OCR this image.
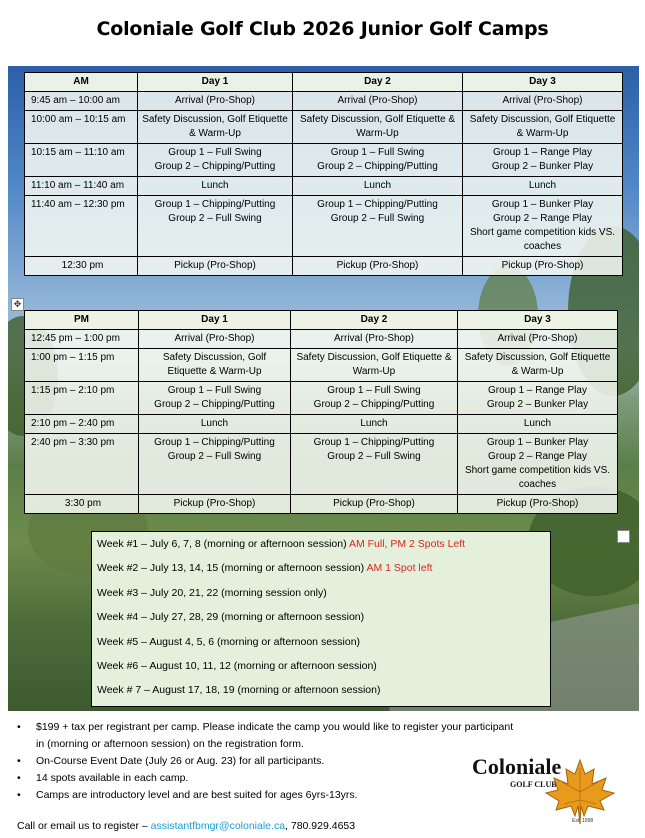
Coloniale Golf Club 2026 Junior Golf Camps
AM	Day 1	Day 2	Day 3
9:45 am – 10:00 am	Arrival (Pro-Shop)	Arrival (Pro-Shop)	Arrival (Pro-Shop)
10:00 am – 10:15 am	Safety Discussion, Golf Etiquette & Warm-Up	Safety Discussion, Golf Etiquette & Warm-Up	Safety Discussion, Golf Etiquette & Warm-Up
10:15 am – 11:10 am	Group 1 – Full Swing
Group 2 – Chipping/Putting	Group 1 – Full Swing
Group 2 – Chipping/Putting	Group 1 – Range Play
Group 2 – Bunker Play
11:10 am – 11:40 am	Lunch	Lunch	Lunch
11:40 am – 12:30 pm	Group 1 – Chipping/Putting
Group 2 – Full Swing	Group 1 – Chipping/Putting
Group 2 – Full Swing	Group 1 – Bunker Play
Group 2 – Range Play
Short game competition kids VS. coaches
12:30 pm	Pickup (Pro-Shop)	Pickup (Pro-Shop)	Pickup (Pro-Shop)
✥
PM	Day 1	Day 2	Day 3
12:45 pm – 1:00 pm	Arrival (Pro-Shop)	Arrival (Pro-Shop)	Arrival (Pro-Shop)
1:00 pm – 1:15 pm	Safety Discussion, Golf Etiquette & Warm-Up	Safety Discussion, Golf Etiquette & Warm-Up	Safety Discussion, Golf Etiquette & Warm-Up
1:15 pm – 2:10 pm	Group 1 – Full Swing
Group 2 – Chipping/Putting	Group 1 – Full Swing
Group 2 – Chipping/Putting	Group 1 – Range Play
Group 2 – Bunker Play
2:10 pm – 2:40 pm	Lunch	Lunch	Lunch
2:40 pm – 3:30 pm	Group 1 – Chipping/Putting
Group 2 – Full Swing	Group 1 – Chipping/Putting
Group 2 – Full Swing	Group 1 – Bunker Play
Group 2 – Range Play
Short game competition kids VS. coaches
3:30 pm	Pickup (Pro-Shop)	Pickup (Pro-Shop)	Pickup (Pro-Shop)
Week #1 – July 6, 7, 8 (morning or afternoon session) AM Full, PM 2 Spots Left
Week #2 – July 13, 14, 15 (morning or afternoon session) AM 1 Spot left
Week #3 – July 20, 21, 22 (morning session only)
Week #4 – July 27, 28, 29 (morning or afternoon session)
Week #5 – August 4, 5, 6 (morning or afternoon session)
Week #6 – August 10, 11, 12 (morning or afternoon session)
Week # 7 – August 17, 18, 19 (morning or afternoon session)
• $199 + tax per registrant per camp. Please indicate the camp you would like to register your participant in (morning or afternoon session) on the registration form.
• On-Course Event Date (July 26 or Aug. 23) for all participants.
• 14 spots available in each camp.
• Camps are introductory level and are best suited for ages 6yrs-13yrs.
Call or email us to register – assistantfbmgr@coloniale.ca, 780.929.4653
Coloniale
GOLF CLUB
Est. 1998
